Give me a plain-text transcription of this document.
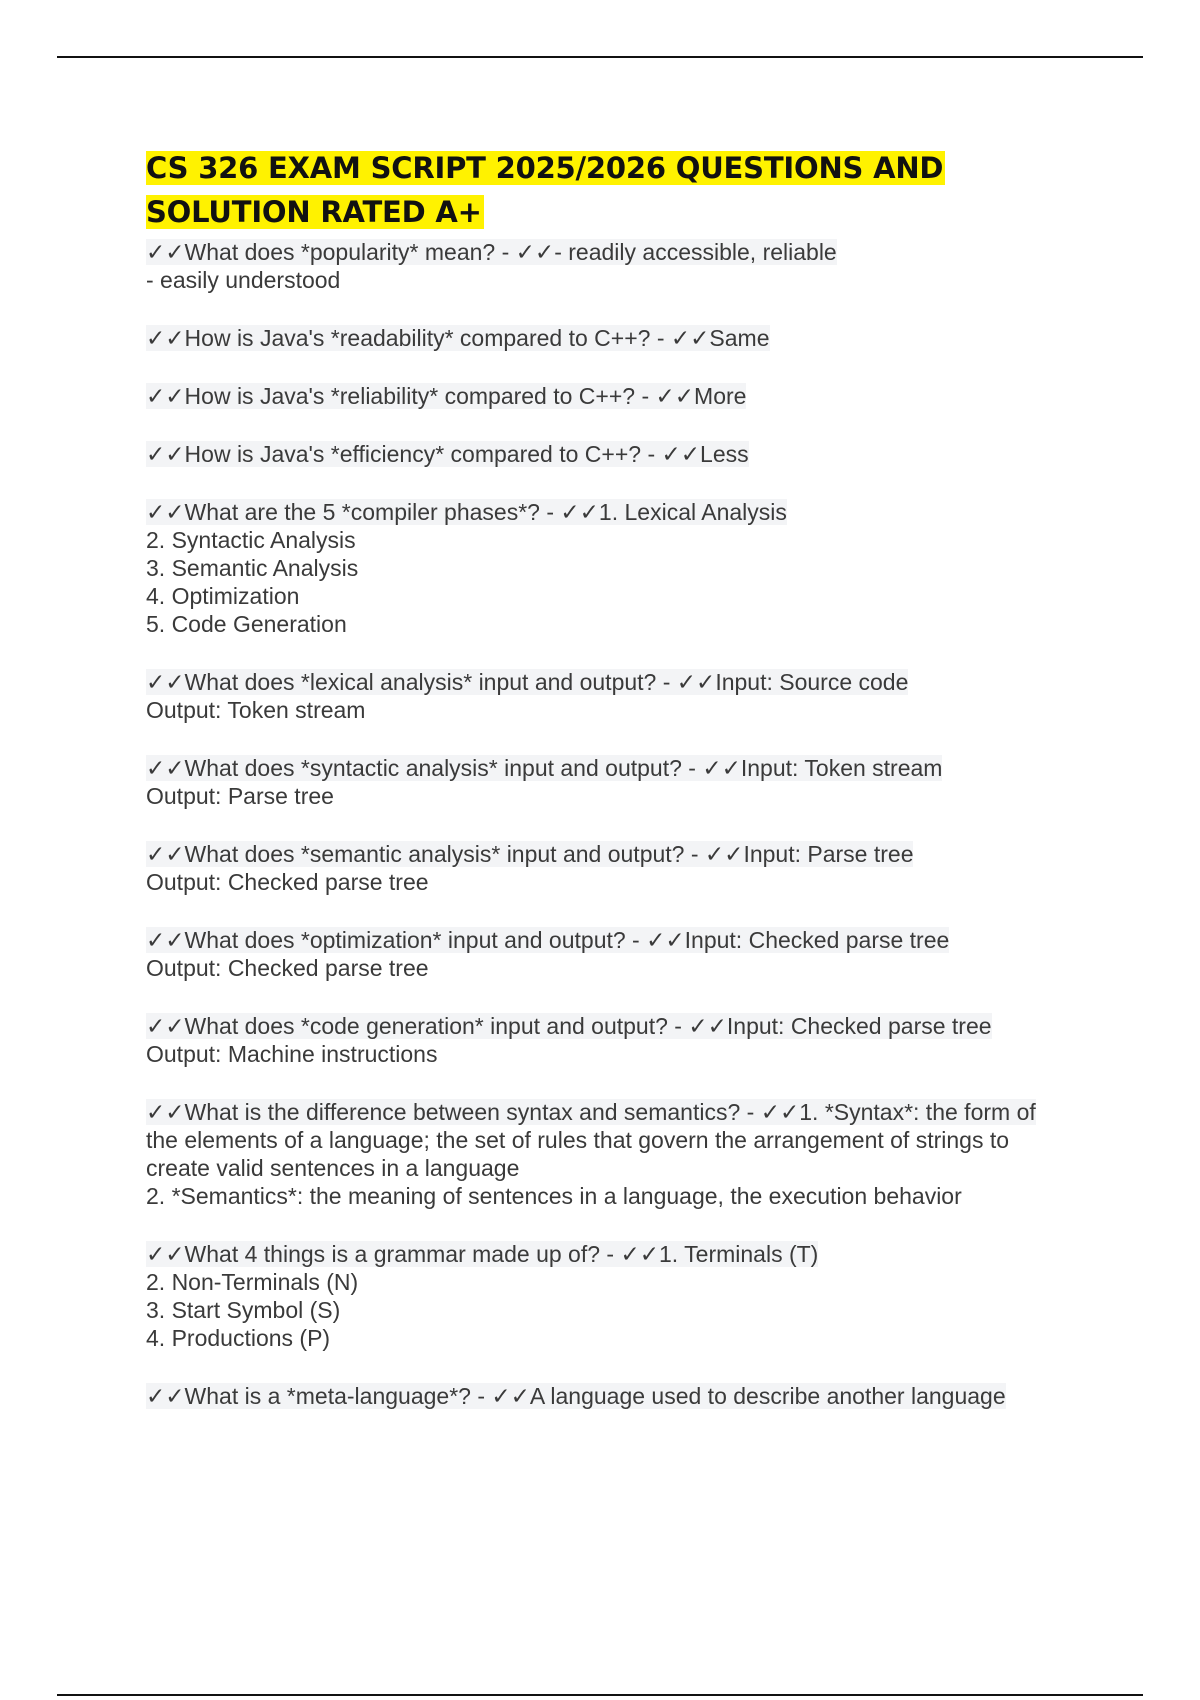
CS 326 EXAM SCRIPT 2025/2026 QUESTIONS AND
SOLUTION RATED A+
✓✓What does *popularity* mean? - ✓✓- readily accessible, reliable
- easily understood
✓✓How is Java's *readability* compared to C++? - ✓✓Same
✓✓How is Java's *reliability* compared to C++? - ✓✓More
✓✓How is Java's *efficiency* compared to C++? - ✓✓Less
✓✓What are the 5 *compiler phases*? - ✓✓1. Lexical Analysis
2. Syntactic Analysis
3. Semantic Analysis
4. Optimization
5. Code Generation
✓✓What does *lexical analysis* input and output? - ✓✓Input: Source code
Output: Token stream
✓✓What does *syntactic analysis* input and output? - ✓✓Input: Token stream
Output: Parse tree
✓✓What does *semantic analysis* input and output? - ✓✓Input: Parse tree
Output: Checked parse tree
✓✓What does *optimization* input and output? - ✓✓Input: Checked parse tree
Output: Checked parse tree
✓✓What does *code generation* input and output? - ✓✓Input: Checked parse tree
Output: Machine instructions
✓✓What is the difference between syntax and semantics? - ✓✓1. *Syntax*: the form of
the elements of a language; the set of rules that govern the arrangement of strings to
create valid sentences in a language
2. *Semantics*: the meaning of sentences in a language, the execution behavior
✓✓What 4 things is a grammar made up of? - ✓✓1. Terminals (T)
2. Non-Terminals (N)
3. Start Symbol (S)
4. Productions (P)
✓✓What is a *meta-language*? - ✓✓A language used to describe another language
